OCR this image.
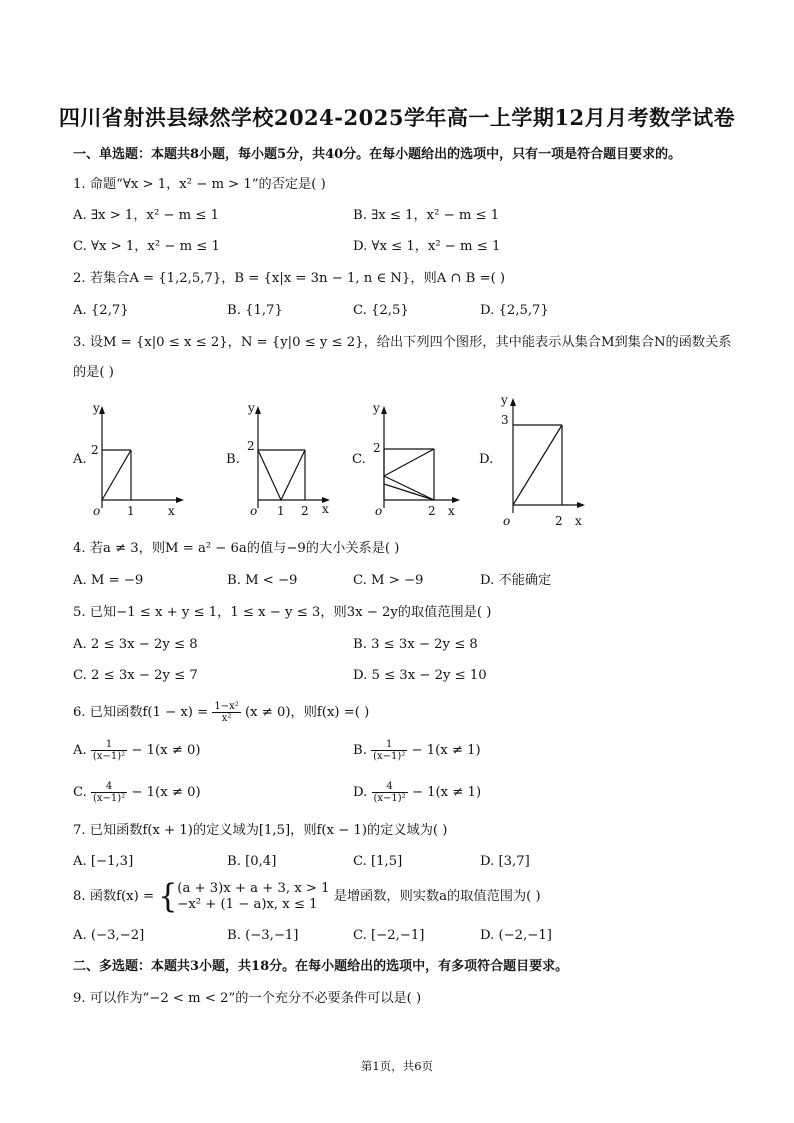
四川省射洪县绿然学校2024-2025学年高一上学期12月月考数学试卷
一、单选题：本题共8小题，每小题5分，共40分。在每小题给出的选项中，只有一项是符合题目要求的。
1. 命题“∀x > 1，x² − m > 1”的否定是( )
A. ∃x > 1，x² − m ≤ 1	B. ∃x ≤ 1，x² − m ≤ 1
C. ∀x > 1，x² − m ≤ 1	D. ∀x ≤ 1，x² − m ≤ 1
2. 若集合A = {1,2,5,7}，B = {x|x = 3n − 1, n ∈ N}，则A ∩ B =( )
A. {2,7}	B. {1,7}	C. {2,5}	D. {2,5,7}
3. 设M = {x|0 ≤ x ≤ 2}，N = {y|0 ≤ y ≤ 2}，给出下列四个图形，其中能表示从集合M到集合N的函数关系
的是( )
A.	B.	C.	D.
y
2
o 1	x
y
2
o 1 2 x
y
2
o	2 x
y
3
o	2 x
4. 若a ≠ 3，则M = a² − 6a的值与−9的大小关系是( )
A. M = −9	B. M < −9	C. M > −9	D. 不能确定
5. 已知−1 ≤ x + y ≤ 1，1 ≤ x − y ≤ 3，则3x − 2y的取值范围是( )
A. 2 ≤ 3x − 2y ≤ 8	B. 3 ≤ 3x − 2y ≤ 8
C. 2 ≤ 3x − 2y ≤ 7	D. 5 ≤ 3x − 2y ≤ 10
6. 已知函数$f(1 - x) = \frac{\text{1−x²}}{\text{x²}} (x \ne 0)$，则f(x) =( )
A. $\frac{1}{\text{(x−1)²}} - 1(x \ne 0)$	B. $\frac{1}{\text{(x−1)²}} - 1(x \ne 1)$
C. $\frac{4}{\text{(x−1)²}} - 1(x \ne 0)$	D. $\frac{4}{\text{(x−1)²}} - 1(x \ne 1)$
7. 已知函数f(x + 1)的定义域为[1,5]，则f(x − 1)的定义域为( )
A. [−1,3]	B. [0,4]	C. [1,5]	D. [3,7]
8. 函数f(x) = { (a + 3)x + a + 3, x > 1
−x² + (1 − a)x, x ≤ 1	是增函数，则实数a的取值范围为( )
A. (−3,−2]	B. (−3,−1]	C. [−2,−1]	D. (−2,−1]
二、多选题：本题共3小题，共18分。在每小题给出的选项中，有多项符合题目要求。
9. 可以作为“−2 < m < 2”的一个充分不必要条件可以是( )
第1页，共6页
